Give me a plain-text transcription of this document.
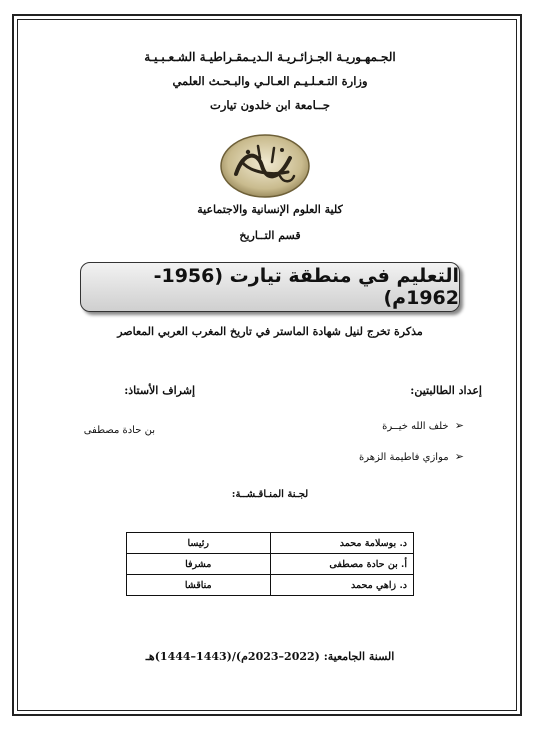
الجـمهـوريـة الجـزائـريـة الـديـمقـراطيـة الشـعـبـيـة
وزارة التـعـلـيـم العـالـي والبـحـث العلمي
جــامعة ابن خلدون تيارت
كلية العلوم الإنسانية والاجتماعية
قسم التــاريخ
التعليم في منطقة تيارت (1956-1962م)
مذكرة تخرج لنيل شهادة الماستر في تاريخ المغرب العربي المعاصر
إعداد الطالبتين:
إشراف الأستاذ:
➢ خلف الله خيــرة
➢ موازي فاطيمة الزهرة
بن حادة مصطفى
لجـنة المنـاقـشــة:
د. بوسلامة محمد	رئيسا
أ. بن حادة مصطفى	مشرفا
د. زاهي محمد	مناقشا
السنة الجامعية: (2022–2023م)/(1443–1444)هـ
